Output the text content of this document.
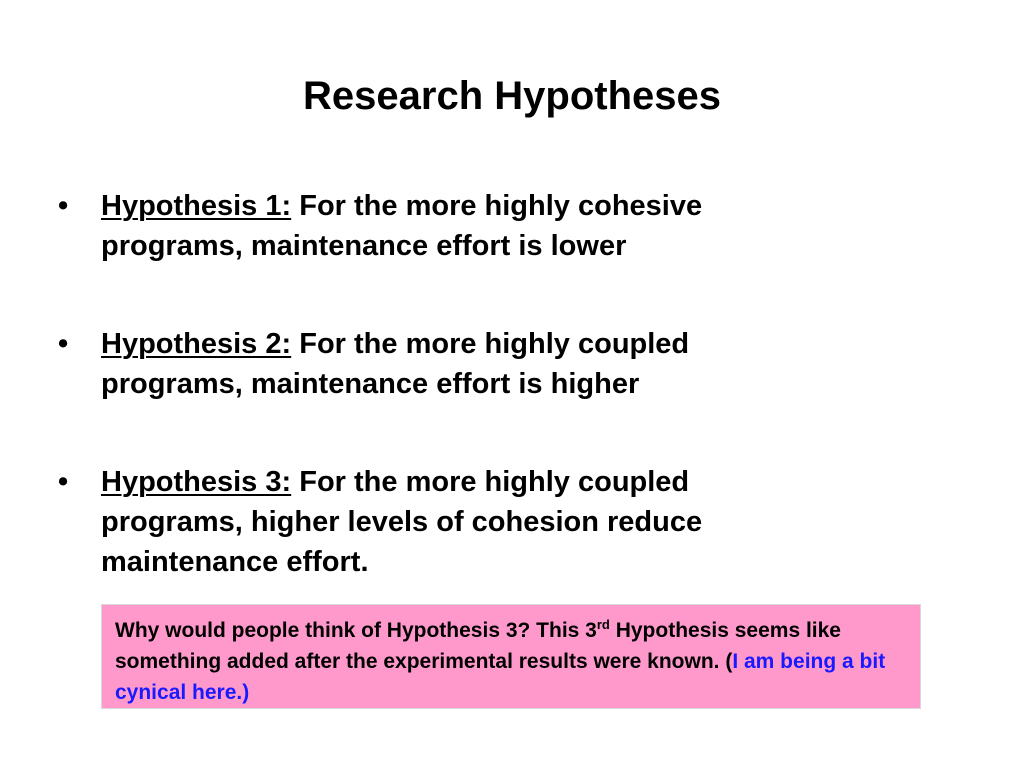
Research Hypotheses
•	Hypothesis 1: For the more highly cohesive programs, maintenance effort is lower
•	Hypothesis 2: For the more highly coupled programs, maintenance effort is higher
•	Hypothesis 3: For the more highly coupled programs, higher levels of cohesion reduce maintenance effort.
Why would people think of Hypothesis 3? This 3rd Hypothesis seems like something added after the experimental results were known. (I am being a bit cynical here.)
